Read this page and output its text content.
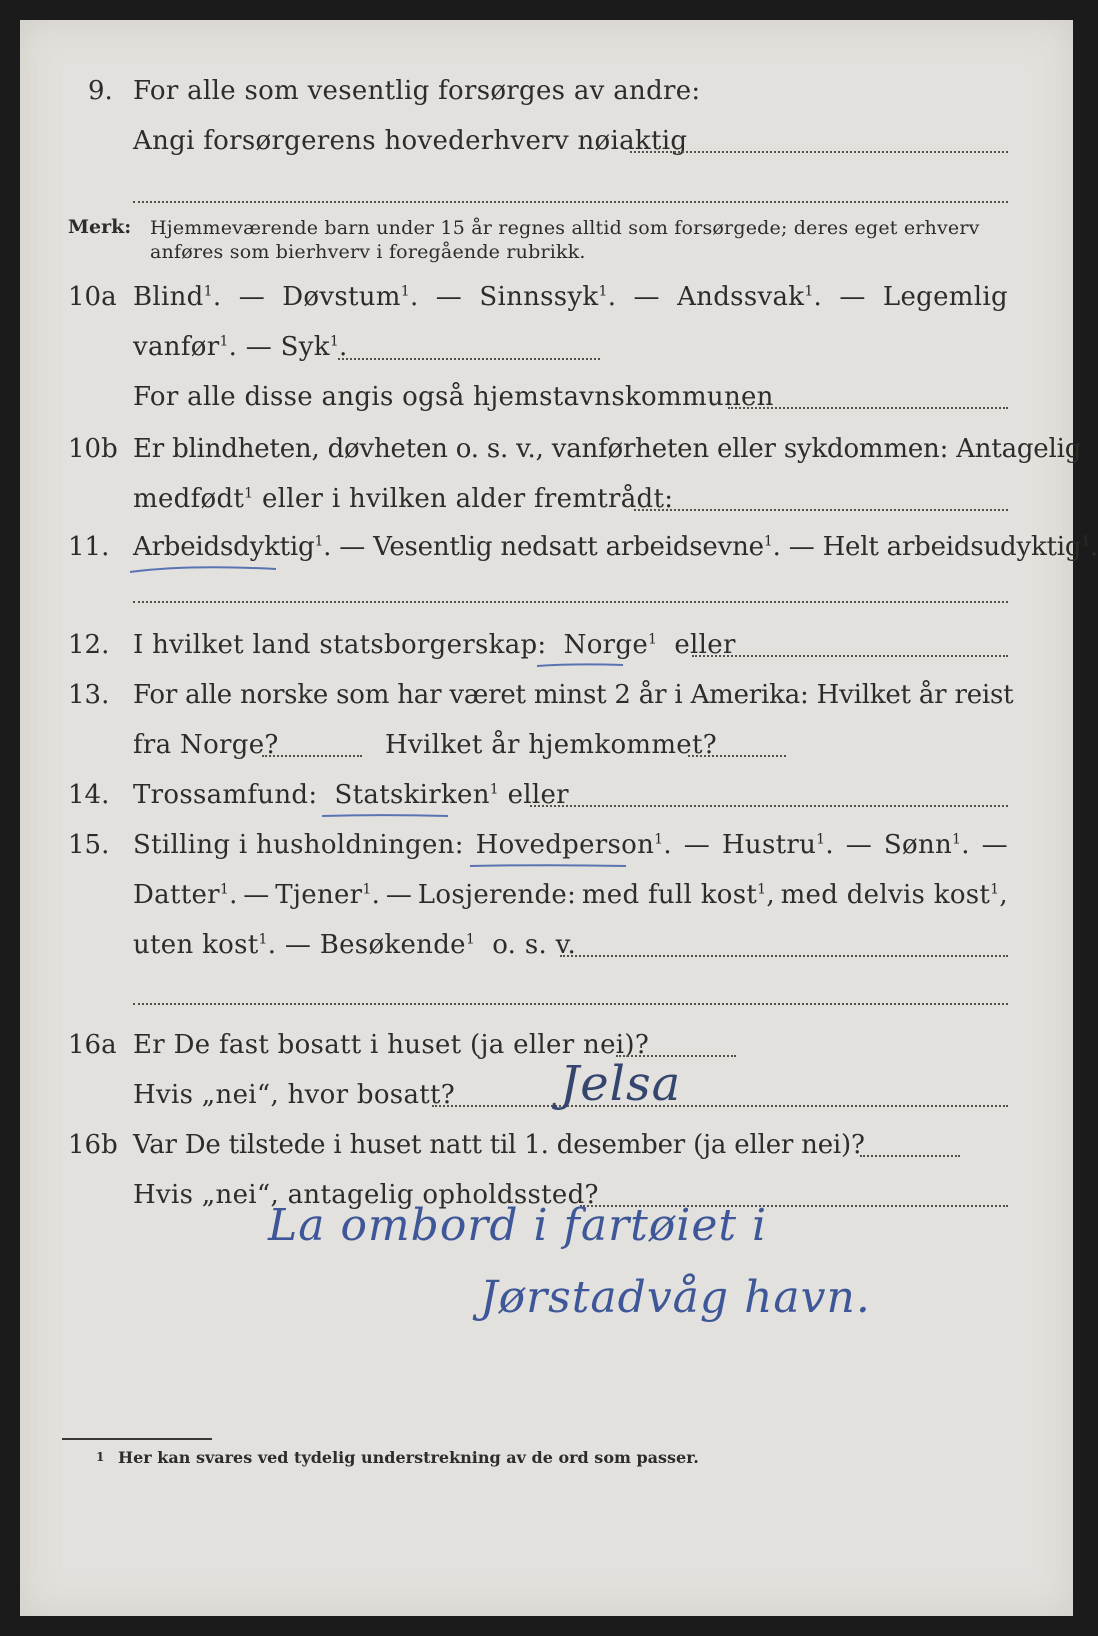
9. For alle som vesentlig forsørges av andre:
Angi forsørgerens hovederhverv nøiaktig
Merk: Hjemmeværende barn under 15 år regnes alltid som forsørgede; deres eget erhverv
anføres som bierhverv i foregående rubrikk.
10a Blind$^1$. — Døvstum$^1$. — Sinnssyk$^1$. — Andssvak$^1$. — Legemlig
vanfør$^1$. — Syk$^1$.
For alle disse angis også hjemstavnskommunen
10b Er blindheten, døvheten o. s. v., vanførheten eller sykdommen: Antagelig
medfødt$^1$ eller i hvilken alder fremtrådt:
11. Arbeidsdyktig$^1$. — Vesentlig nedsatt arbeidsevne$^1$. — Helt arbeidsudyktig$^1$.
12. I hvilket land statsborgerskap: Norge$^1$ eller
13. For alle norske som har været minst 2 år i Amerika: Hvilket år reist
fra Norge?	Hvilket år hjemkommet?
14. Trossamfund: Statskirken$^1$ eller
15. Stilling i husholdningen: Hovedperson$^1$. — Hustru$^1$. — Sønn$^1$. —
Datter$^1$. — Tjener$^1$. — Losjerende: med full kost$^1$, med delvis kost$^1$,
uten kost$^1$. — Besøkende$^1$ o. s. v.
16a Er De fast bosatt i huset (ja eller nei)?
Hvis „nei“, hvor bosatt? Jelsa
16b Var De tilstede i huset natt til 1. desember (ja eller nei)?
Hvis „nei“, antagelig opholdssted?
La ombord i fartøiet i
Jørstadvåg havn.
1 Her kan svares ved tydelig understrekning av de ord som passer.
